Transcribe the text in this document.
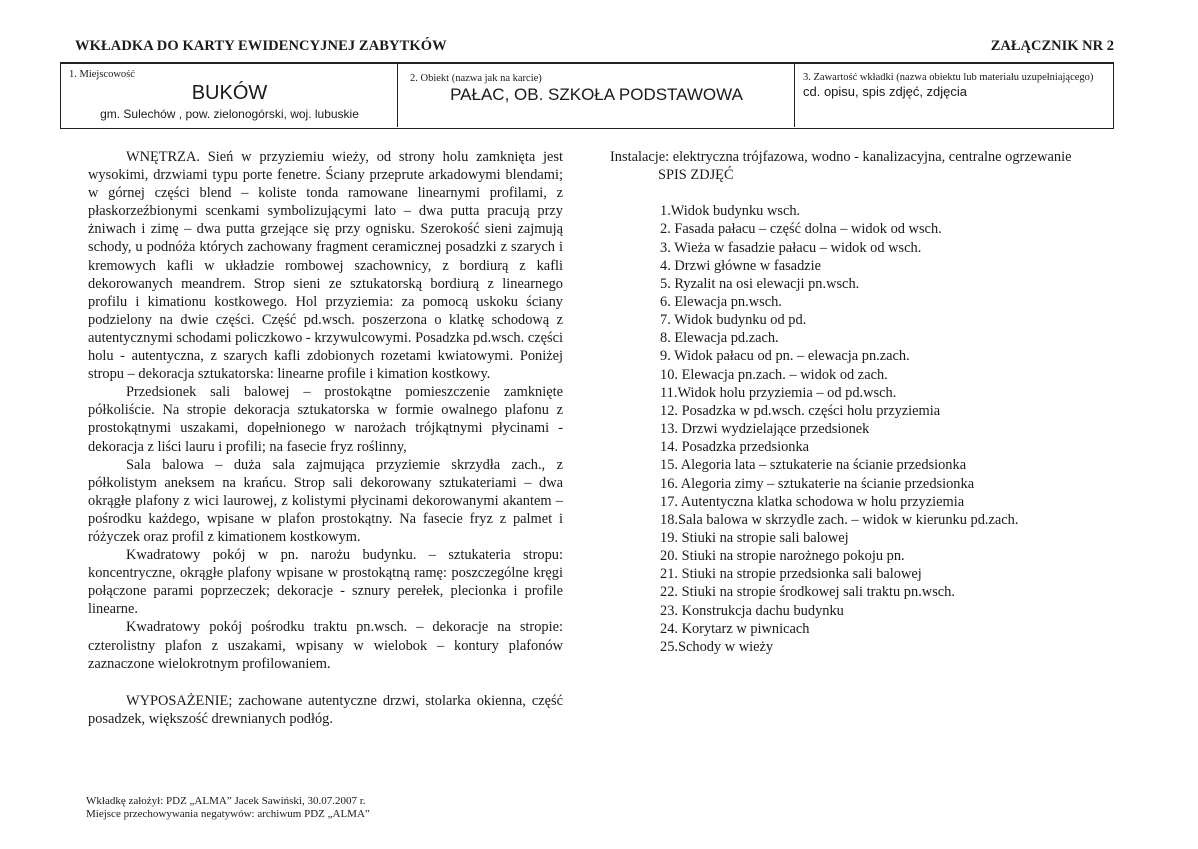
WKŁADKA DO KARTY EWIDENCYJNEJ ZABYTKÓW	ZAŁĄCZNIK NR 2
1. Miejscowość
BUKÓW
gm. Sulechów , pow. zielonogórski, woj. lubuskie
2. Obiekt (nazwa jak na karcie)
PAŁAC, OB. SZKOŁA PODSTAWOWA
3. Zawartość wkładki (nazwa obiektu lub materiału uzupełniającego)
cd. opisu, spis zdjęć, zdjęcia

WNĘTRZA. Sień w przyziemiu wieży, od strony holu zamknięta jest wysokimi, drzwiami typu porte fenetre. Ściany przeprute arkadowymi blendami; w górnej części blend – koliste tonda ramowane linearnymi profilami, z płaskorzeźbionymi scenkami symbolizującymi lato – dwa putta pracują przy żniwach i zimę – dwa putta grzejące się przy ognisku. Szerokość sieni zajmują schody, u podnóża których zachowany fragment ceramicznej posadzki z szarych i kremowych kafli w układzie rombowej szachownicy, z bordiurą z kafli dekorowanych meandrem. Strop sieni ze sztukatorską bordiurą z linearnego profilu i kimationu kostkowego. Hol przyziemia: za pomocą uskoku ściany podzielony na dwie części. Część pd.wsch. poszerzona o klatkę schodową z autentycznymi schodami policzkowo - krzywulcowymi. Posadzka pd.wsch. części holu - autentyczna, z szarych kafli zdobionych rozetami kwiatowymi. Poniżej stropu – dekoracja sztukatorska: linearne profile i kimation kostkowy.

Przedsionek sali balowej – prostokątne pomieszczenie zamknięte półkoliście. Na stropie dekoracja sztukatorska w formie owalnego plafonu z prostokątnymi uszakami, dopełnionego w narożach trójkątnymi płycinami - dekoracja z liści lauru i profili; na fasecie fryz roślinny,

Sala balowa – duża sala zajmująca przyziemie skrzydła zach., z półkolistym aneksem na krańcu. Strop sali dekorowany sztukateriami – dwa okrągłe plafony z wici laurowej, z kolistymi płycinami dekorowanymi akantem – pośrodku każdego, wpisane w plafon prostokątny. Na fasecie fryz z palmet i różyczek oraz profil z kimationem kostkowym.

Kwadratowy pokój w pn. narożu budynku. – sztukateria stropu: koncentryczne, okrągłe plafony wpisane w prostokątną ramę: poszczególne kręgi połączone parami poprzeczek; dekoracje - sznury perełek, plecionka i profile linearne.

Kwadratowy pokój pośrodku traktu pn.wsch. – dekoracje na stropie: czterolistny plafon z uszakami, wpisany w wielobok – kontury plafonów zaznaczone wielokrotnym profilowaniem.

WYPOSAŻENIE; zachowane autentyczne drzwi, stolarka okienna, część posadzek, większość drewnianych podłóg.

Instalacje: elektryczna trójfazowa, wodno - kanalizacyjna, centralne ogrzewanie

SPIS ZDJĘĆ

1.Widok budynku wsch.
2. Fasada pałacu – część dolna – widok od wsch.
3. Wieża w fasadzie pałacu – widok od wsch.
4. Drzwi główne w fasadzie
5. Ryzalit na osi elewacji pn.wsch.
6. Elewacja pn.wsch.
7. Widok budynku od pd.
8. Elewacja pd.zach.
9. Widok pałacu od pn. – elewacja pn.zach.
10. Elewacja pn.zach. – widok od zach.
11.Widok holu przyziemia – od pd.wsch.
12. Posadzka w pd.wsch. części holu przyziemia
13. Drzwi wydzielające przedsionek
14. Posadzka przedsionka
15. Alegoria lata – sztukaterie na ścianie przedsionka
16. Alegoria zimy – sztukaterie na ścianie przedsionka
17. Autentyczna klatka schodowa w holu przyziemia
18.Sala balowa w skrzydle zach. – widok w kierunku pd.zach.
19. Stiuki na stropie sali balowej
20. Stiuki na stropie narożnego pokoju pn.
21. Stiuki na stropie przedsionka sali balowej
22. Stiuki na stropie środkowej sali traktu pn.wsch.
23. Konstrukcja dachu budynku
24. Korytarz w piwnicach
25.Schody w wieży
Wkładkę założył: PDZ „ALMA” Jacek Sawiński, 30.07.2007 r.
Miejsce przechowywania negatywów: archiwum PDZ „ALMA”
